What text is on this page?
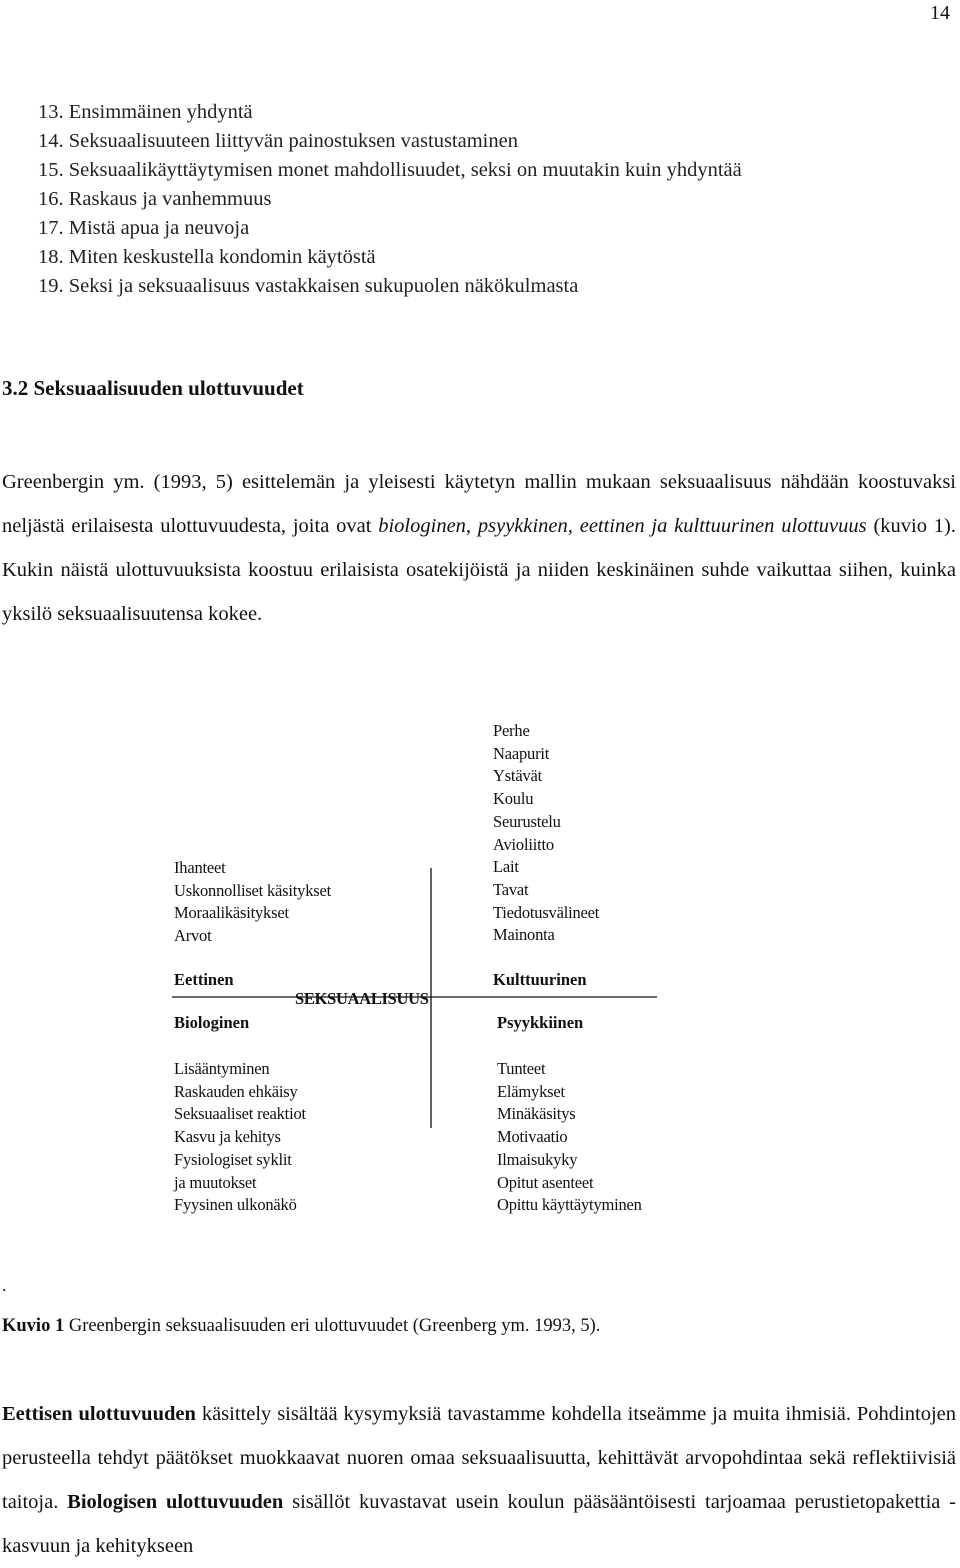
14
13. Ensimmäinen yhdyntä
14. Seksuaalisuuteen liittyvän painostuksen vastustaminen
15. Seksuaalikäyttäytymisen monet mahdollisuudet, seksi on muutakin kuin yhdyntää
16. Raskaus ja vanhemmuus
17. Mistä apua ja neuvoja
18. Miten keskustella kondomin käytöstä
19. Seksi ja seksuaalisuus vastakkaisen sukupuolen näkökulmasta
3.2 Seksuaalisuuden ulottuvuudet

Greenbergin ym. (1993, 5) esittelemän ja yleisesti käytetyn mallin mukaan seksuaalisuus nähdään koostuvaksi neljästä erilaisesta ulottuvuudesta, joita ovat biologinen, psyykkinen, eettinen ja kulttuurinen ulottuvuus (kuvio 1). Kukin näistä ulottuvuuksista koostuu erilaisista osatekijöistä ja niiden keskinäinen suhde vaikuttaa siihen, kuinka yksilö seksuaalisuutensa kokee.

Ihanteet
Uskonnolliset käsitykset
Moraalikäsitykset
Arvot
Perhe
Naapurit
Ystävät
Koulu
Seurustelu
Avioliitto
Lait
Tavat
Tiedotusvälineet
Mainonta
Eettinen	Kulttuurinen
SEKSUAALISUUS
Biologinen	Psyykkiinen
Lisääntyminen
Raskauden ehkäisy
Seksuaaliset reaktiot
Kasvu ja kehitys
Fysiologiset syklit
ja muutokset
Fyysinen ulkonäkö
Tunteet
Elämykset
Minäkäsitys
Motivaatio
Ilmaisukyky
Opitut asenteet
Opittu käyttäytyminen
.

Kuvio 1 Greenbergin seksuaalisuuden eri ulottuvuudet (Greenberg ym. 1993, 5).

Eettisen ulottuvuuden käsittely sisältää kysymyksiä tavastamme kohdella itseämme ja muita ihmisiä. Pohdintojen perusteella tehdyt päätökset muokkaavat nuoren omaa seksuaalisuutta, kehittävät arvopohdintaa sekä reflektiivisiä taitoja. Biologisen ulottuvuuden sisällöt kuvastavat usein koulun pääsääntöisesti tarjoamaa perustietopakettia - kasvuun ja kehitykseen
